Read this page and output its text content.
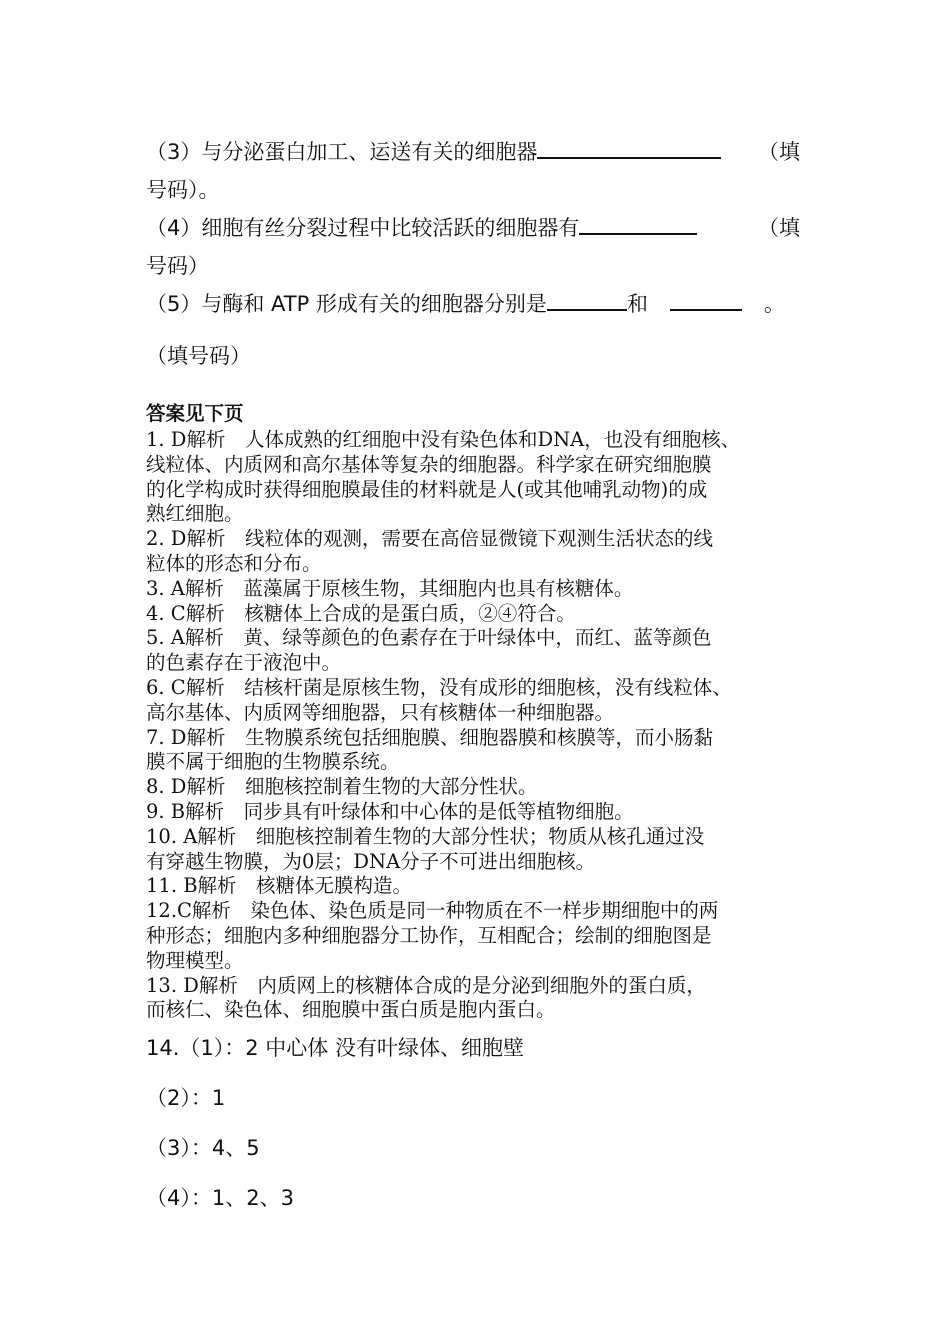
（3）与分泌蛋白加工、运送有关的细胞器	（填
号码）。
（4）细胞有丝分裂过程中比较活跃的细胞器有	（填
号码）
（5）与酶和 ATP 形成有关的细胞器分别是	和	。
（填号码）
答案见下页

1. D解析　人体成熟的红细胞中没有染色体和DNA，也没有细胞核、

线粒体、内质网和高尔基体等复杂的细胞器。科学家在研究细胞膜

的化学构成时获得细胞膜最佳的材料就是人(或其他哺乳动物)的成

熟红细胞。

2. D解析　线粒体的观测，需要在高倍显微镜下观测生活状态的线

粒体的形态和分布。

3. A解析　蓝藻属于原核生物，其细胞内也具有核糖体。

4. C解析　核糖体上合成的是蛋白质，②④符合。

5. A解析　黄、绿等颜色的色素存在于叶绿体中，而红、蓝等颜色

的色素存在于液泡中。

6. C解析　结核杆菌是原核生物，没有成形的细胞核，没有线粒体、

高尔基体、内质网等细胞器，只有核糖体一种细胞器。

7. D解析　生物膜系统包括细胞膜、细胞器膜和核膜等，而小肠黏

膜不属于细胞的生物膜系统。

8. D解析　细胞核控制着生物的大部分性状。

9. B解析　同步具有叶绿体和中心体的是低等植物细胞。

10. A解析　细胞核控制着生物的大部分性状；物质从核孔通过没

有穿越生物膜，为0层；DNA分子不可进出细胞核。

11. B解析　核糖体无膜构造。

12.C解析　染色体、染色质是同一种物质在不一样步期细胞中的两

种形态；细胞内多种细胞器分工协作，互相配合；绘制的细胞图是

物理模型。

13. D解析　内质网上的核糖体合成的是分泌到细胞外的蛋白质，

而核仁、染色体、细胞膜中蛋白质是胞内蛋白。

14.（1）：2 中心体 没有叶绿体、细胞壁
（2）：1
（3）：4、5
（4）：1、2、3
